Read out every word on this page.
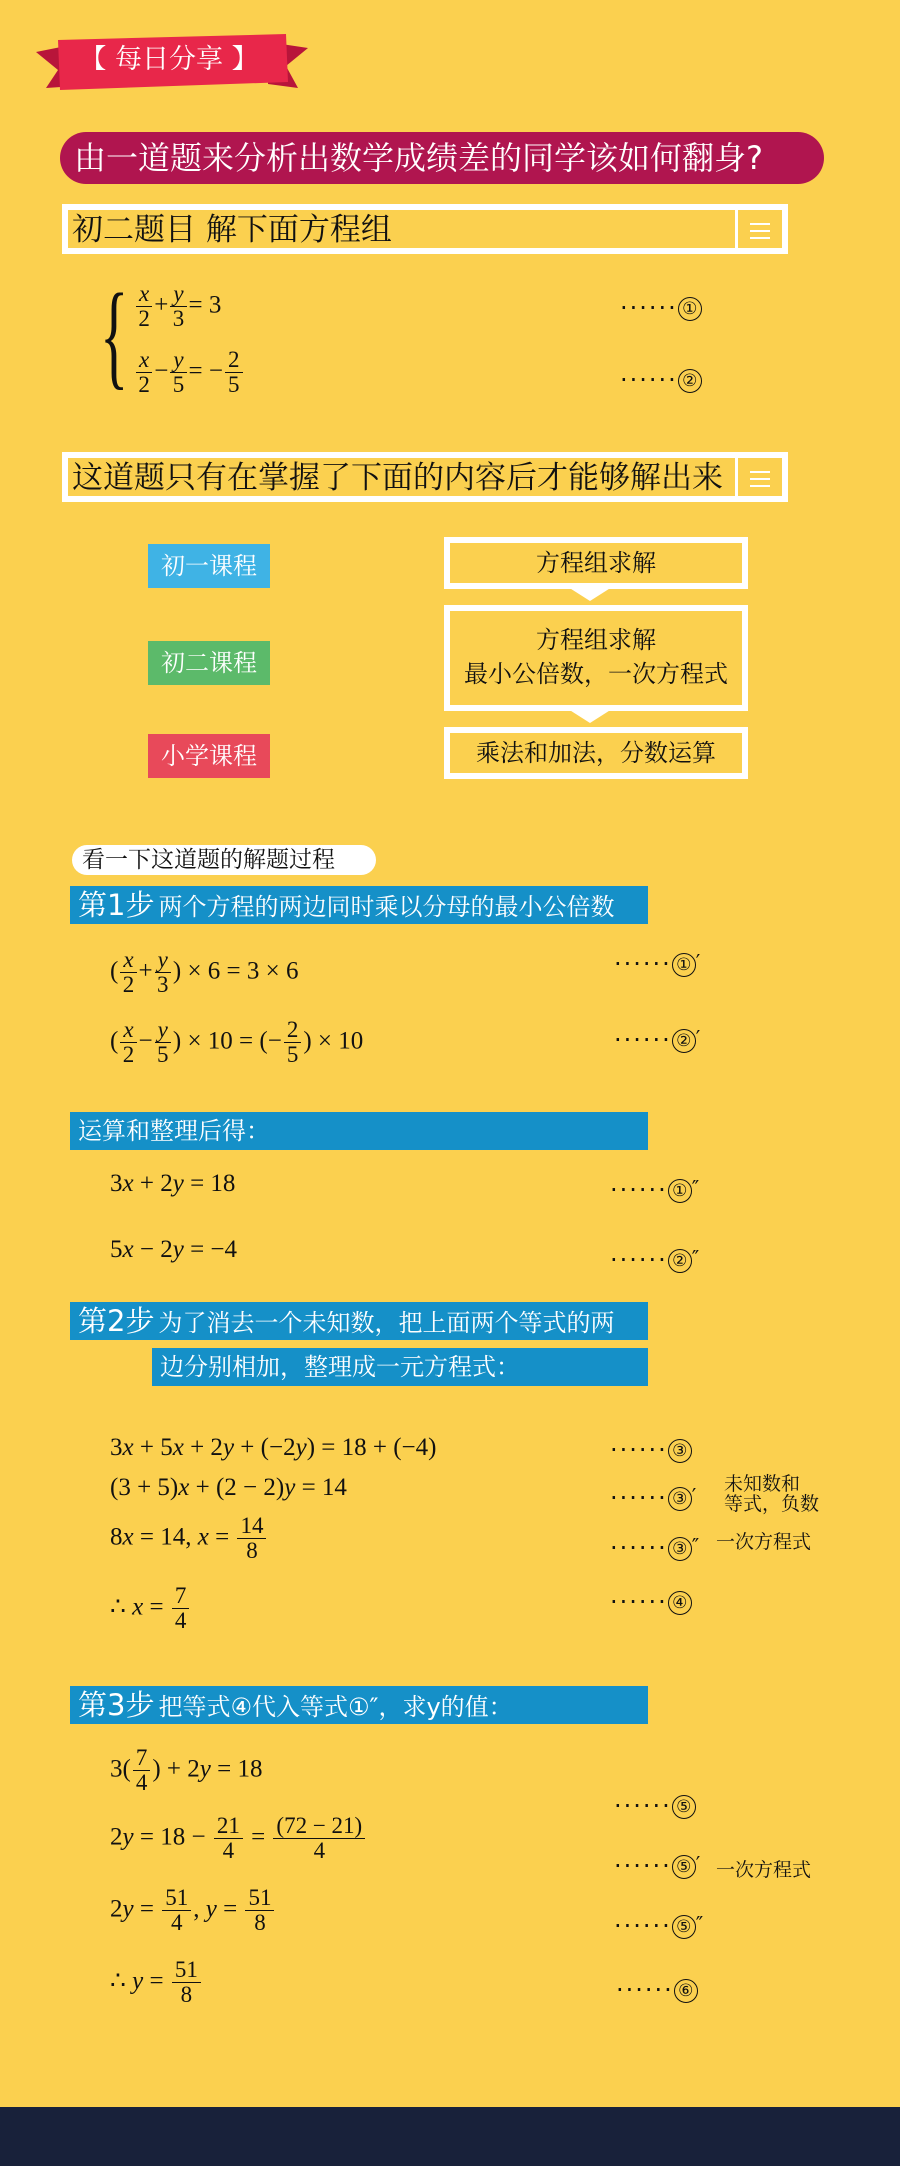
【 每日分享 】
由一道题来分析出数学成绩差的同学该如何翻身?
初二题目 解下面方程组
{ $\frac{x}{2} + \frac{y}{3} = 3$
$\frac{x}{2} - \frac{y}{5}$ = − $\frac{2}{5}$
······ ①
······ ②
这道题只有在掌握了下面的内容后才能够解出来
初一课程
初二课程
小学课程
方程组求解
方程组求解
最小公倍数，一次方程式
乘法和加法，分数运算
看一下这道题的解题过程
第1步 两个方程的两边同时乘以分母的最小公倍数
( $\frac{x}{2} + \frac{y}{3}$ ) × 6 = 3 × 6
( $\frac{x}{2} - \frac{y}{5}$ ) × 10 = (− $\frac{2}{5}$ ) × 10
······ ① ′
······ ② ′
运算和整理后得：
3x + 2y = 18
5x − 2y = −4
······ ① ″
······ ② ″
第2步 为了消去一个未知数，把上面两个等式的两
边分别相加，整理成一元方程式：
3x + 5x + 2y + (−2y) = 18 + (−4)
(3 + 5)x + (2 − 2)y = 14
8x = 14, $x = \frac{14}{8}$
∴ $x = \frac{7}{4}$
······ ③
······ ③ ′
······ ③ ″
······ ④
未知数和
等式，负数
一次方程式
第3步 把等式④代入等式①″，求y的值：
$3( \frac{7}{4}$ ) + 2y = 18
$2y = 18 - \frac{21}{4} = \frac{(72 - 21)}{4}$
$2y = \frac{51}{4}$ , $y = \frac{51}{8}$
∴ $y = \frac{51}{8}$
······ ⑤
······ ⑤ ′
······ ⑤ ″
······ ⑥
一次方程式
